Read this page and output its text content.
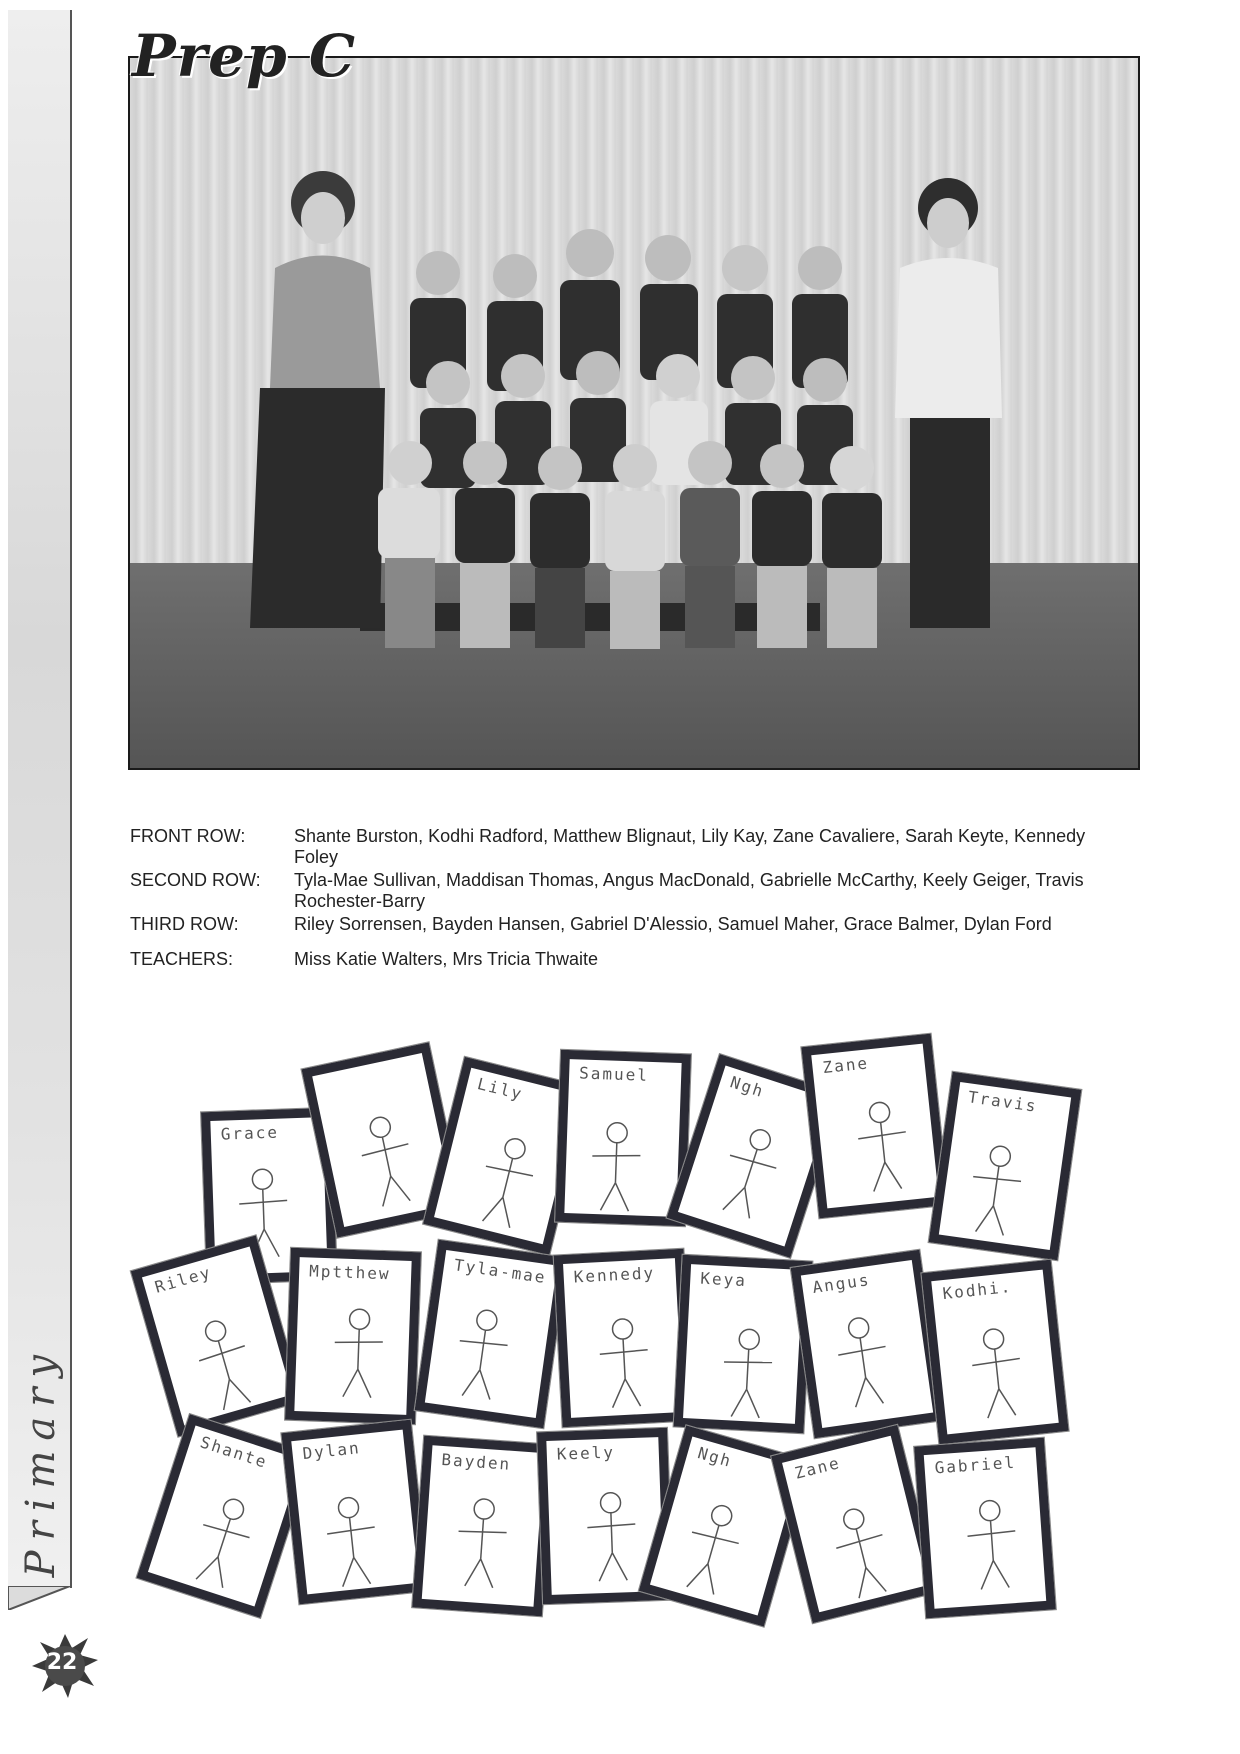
Primary
Prep C
FRONT ROW:	Shante Burston, Kodhi Radford, Matthew Blignaut, Lily Kay, Zane Cavaliere, Sarah Keyte, Kennedy Foley
SECOND ROW:	Tyla-Mae Sullivan, Maddisan Thomas, Angus MacDonald, Gabrielle McCarthy, Keely Geiger, Travis Rochester-Barry
THIRD ROW:	Riley Sorrensen, Bayden Hansen, Gabriel D'Alessio, Samuel Maher, Grace Balmer, Dylan Ford
TEACHERS:	Miss Katie Walters, Mrs Tricia Thwaite
Grace
Lily	Samuel	Ngh
Zane
Travis
Riley	Mptthew	Tyla-mae Kennedy	Keya	Angus	Kodhi.
Shante Dylan	Bayden	Keely	Ngh	Zane	Gabriel
22
